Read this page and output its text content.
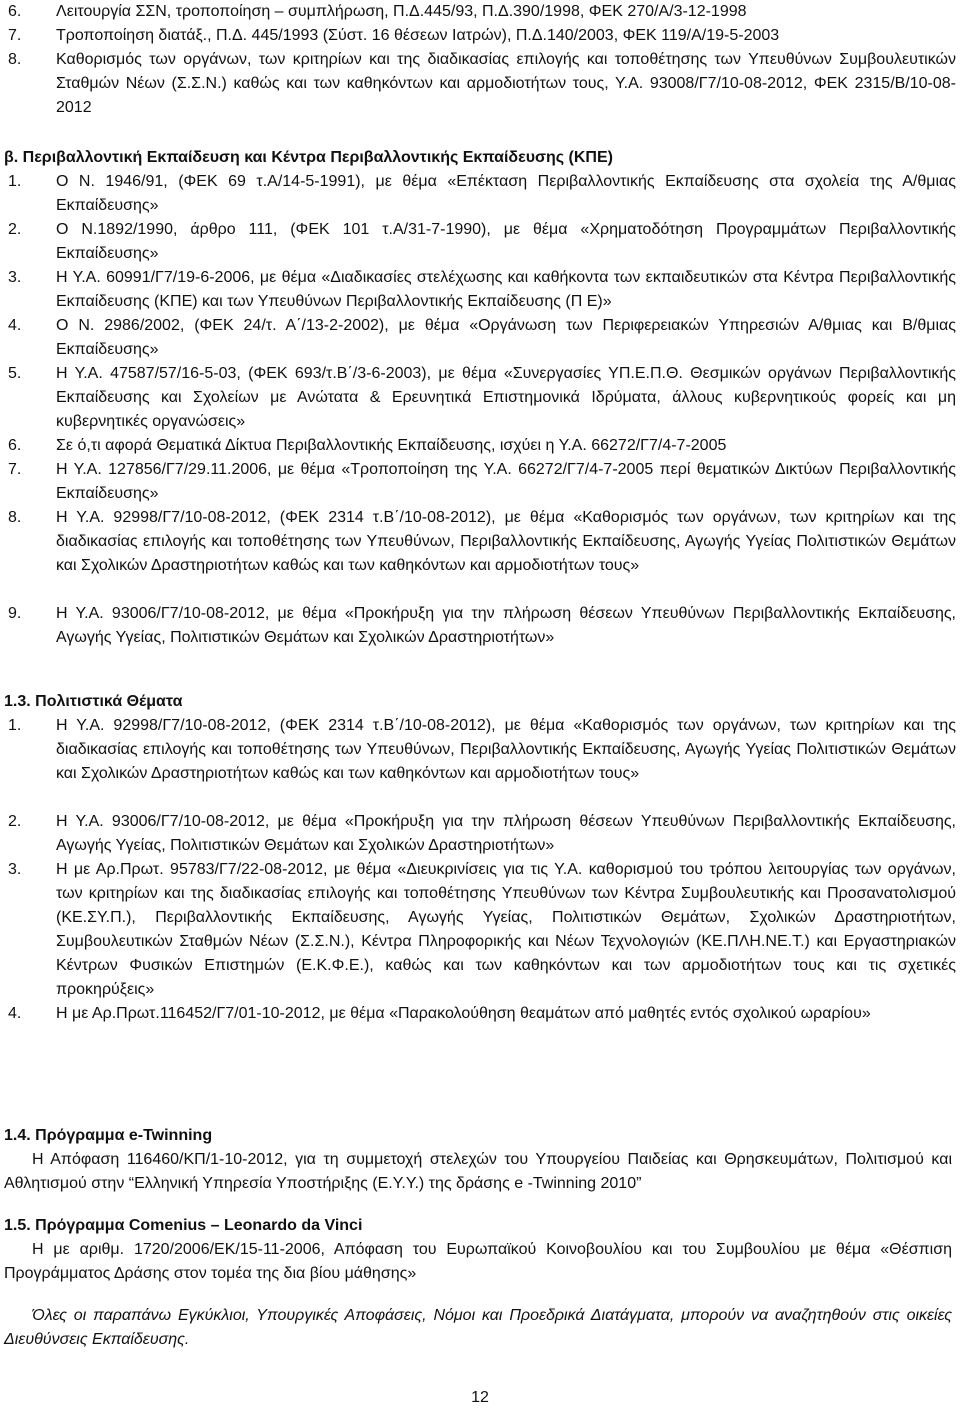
6.	Λειτουργία ΣΣΝ, τροποποίηση – συμπλήρωση, Π.Δ.445/93, Π.Δ.390/1998, ΦΕΚ 270/Α/3-12-1998
7.	Τροποποίηση διατάξ., Π.Δ. 445/1993 (Σύστ. 16 θέσεων Ιατρών), Π.Δ.140/2003, ΦΕΚ 119/Α/19-5-2003
8.	Καθορισμός των οργάνων, των κριτηρίων και της διαδικασίας επιλογής και τοποθέτησης των Υπευθύνων Συμβουλευτικών Σταθμών Νέων (Σ.Σ.Ν.) καθώς και των καθηκόντων και αρμοδιοτήτων τους, Υ.Α. 93008/Γ7/10-08-2012, ΦΕΚ 2315/Β/10-08-2012
β. Περιβαλλοντική Εκπαίδευση και Κέντρα Περιβαλλοντικής Εκπαίδευσης (ΚΠΕ)
1.	Ο Ν. 1946/91, (ΦΕΚ 69 τ.Α/14-5-1991), με θέμα «Επέκταση Περιβαλλοντικής Εκπαίδευσης στα σχολεία της Α/θμιας Εκπαίδευσης»
2.	Ο Ν.1892/1990, άρθρο 111, (ΦΕΚ 101 τ.Α/31-7-1990), με θέμα «Χρηματοδότηση Προγραμμάτων Περιβαλλοντικής Εκπαίδευσης»
3.	Η Υ.Α. 60991/Γ7/19-6-2006, με θέμα «Διαδικασίες στελέχωσης και καθήκοντα των εκπαιδευτικών στα Κέντρα Περιβαλλοντικής Εκπαίδευσης (ΚΠΕ) και των Υπευθύνων Περιβαλλοντικής Εκπαίδευσης (Π Ε)»
4.	Ο Ν. 2986/2002, (ΦΕΚ 24/τ. Α΄/13-2-2002), με θέμα «Οργάνωση των Περιφερειακών Υπηρεσιών Α/θμιας και Β/θμιας Εκπαίδευσης»
5.	Η Υ.Α. 47587/57/16-5-03, (ΦΕΚ 693/τ.Β΄/3-6-2003), με θέμα «Συνεργασίες ΥΠ.Ε.Π.Θ. Θεσμικών οργάνων Περιβαλλοντικής Εκπαίδευσης και Σχολείων με Ανώτατα & Ερευνητικά Επιστημονικά Ιδρύματα, άλλους κυβερνητικούς φορείς και μη κυβερνητικές οργανώσεις»
6.	Σε ό,τι αφορά Θεματικά Δίκτυα Περιβαλλοντικής Εκπαίδευσης, ισχύει η Υ.Α. 66272/Γ7/4-7-2005
7.	Η Υ.Α. 127856/Γ7/29.11.2006, με θέμα «Τροποποίηση της Υ.Α. 66272/Γ7/4-7-2005 περί θεματικών Δικτύων Περιβαλλοντικής Εκπαίδευσης»
8.	Η Υ.Α. 92998/Γ7/10-08-2012, (ΦΕΚ 2314 τ.Β΄/10-08-2012), με θέμα «Καθορισμός των οργάνων, των κριτηρίων και της διαδικασίας επιλογής και τοποθέτησης των Υπευθύνων, Περιβαλλοντικής Εκπαίδευσης, Αγωγής Υγείας Πολιτιστικών Θεμάτων και Σχολικών Δραστηριοτήτων καθώς και των καθηκόντων και αρμοδιοτήτων τους»
9.	Η Υ.Α. 93006/Γ7/10-08-2012, με θέμα «Προκήρυξη για την πλήρωση θέσεων Υπευθύνων Περιβαλλοντικής Εκπαίδευσης, Αγωγής Υγείας, Πολιτιστικών Θεμάτων και Σχολικών Δραστηριοτήτων»
1.3. Πολιτιστικά Θέματα
1.	Η Υ.Α. 92998/Γ7/10-08-2012, (ΦΕΚ 2314 τ.Β΄/10-08-2012), με θέμα «Καθορισμός των οργάνων, των κριτηρίων και της διαδικασίας επιλογής και τοποθέτησης των Υπευθύνων, Περιβαλλοντικής Εκπαίδευσης, Αγωγής Υγείας Πολιτιστικών Θεμάτων και Σχολικών Δραστηριοτήτων καθώς και των καθηκόντων και αρμοδιοτήτων τους»
2.	Η Υ.Α. 93006/Γ7/10-08-2012, με θέμα «Προκήρυξη για την πλήρωση θέσεων Υπευθύνων Περιβαλλοντικής Εκπαίδευσης, Αγωγής Υγείας, Πολιτιστικών Θεμάτων και Σχολικών Δραστηριοτήτων»
3.	Η με Αρ.Πρωτ. 95783/Γ7/22-08-2012, με θέμα «Διευκρινίσεις για τις Υ.Α. καθορισμού του τρόπου λειτουργίας των οργάνων, των κριτηρίων και της διαδικασίας επιλογής και τοποθέτησης Υπευθύνων των Κέντρα Συμβουλευτικής και Προσανατολισμού (ΚΕ.ΣΥ.Π.), Περιβαλλοντικής Εκπαίδευσης, Αγωγής Υγείας, Πολιτιστικών Θεμάτων, Σχολικών Δραστηριοτήτων, Συμβουλευτικών Σταθμών Νέων (Σ.Σ.Ν.), Κέντρα Πληροφορικής και Νέων Τεχνολογιών (ΚΕ.ΠΛΗ.ΝΕ.Τ.) και Εργαστηριακών Κέντρων Φυσικών Επιστημών (Ε.Κ.Φ.Ε.), καθώς και των καθηκόντων και των αρμοδιοτήτων τους και τις σχετικές προκηρύξεις»
4.	Η με Αρ.Πρωτ.116452/Γ7/01-10-2012, με θέμα «Παρακολούθηση θεαμάτων από μαθητές εντός σχολικού ωραρίου»
1.4. Πρόγραμμα e-Twinning
Η Απόφαση 116460/ΚΠ/1-10-2012, για τη συμμετοχή στελεχών του Υπουργείου Παιδείας και Θρησκευμάτων, Πολιτισμού και Αθλητισμού στην “Ελληνική Υπηρεσία Υποστήριξης (Ε.Υ.Υ.) της δράσης e -Twinning 2010”
1.5. Πρόγραμμα Comenius – Leonardo da Vinci
Η με αριθμ. 1720/2006/ΕΚ/15-11-2006, Απόφαση του Ευρωπαϊκού Κοινοβουλίου και του Συμβουλίου με θέμα «Θέσπιση Προγράμματος Δράσης στον τομέα της δια βίου μάθησης»
Όλες οι παραπάνω Εγκύκλιοι, Υπουργικές Αποφάσεις, Νόμοι και Προεδρικά Διατάγματα, μπορούν να αναζητηθούν στις οικείες Διευθύνσεις Εκπαίδευσης.
12
